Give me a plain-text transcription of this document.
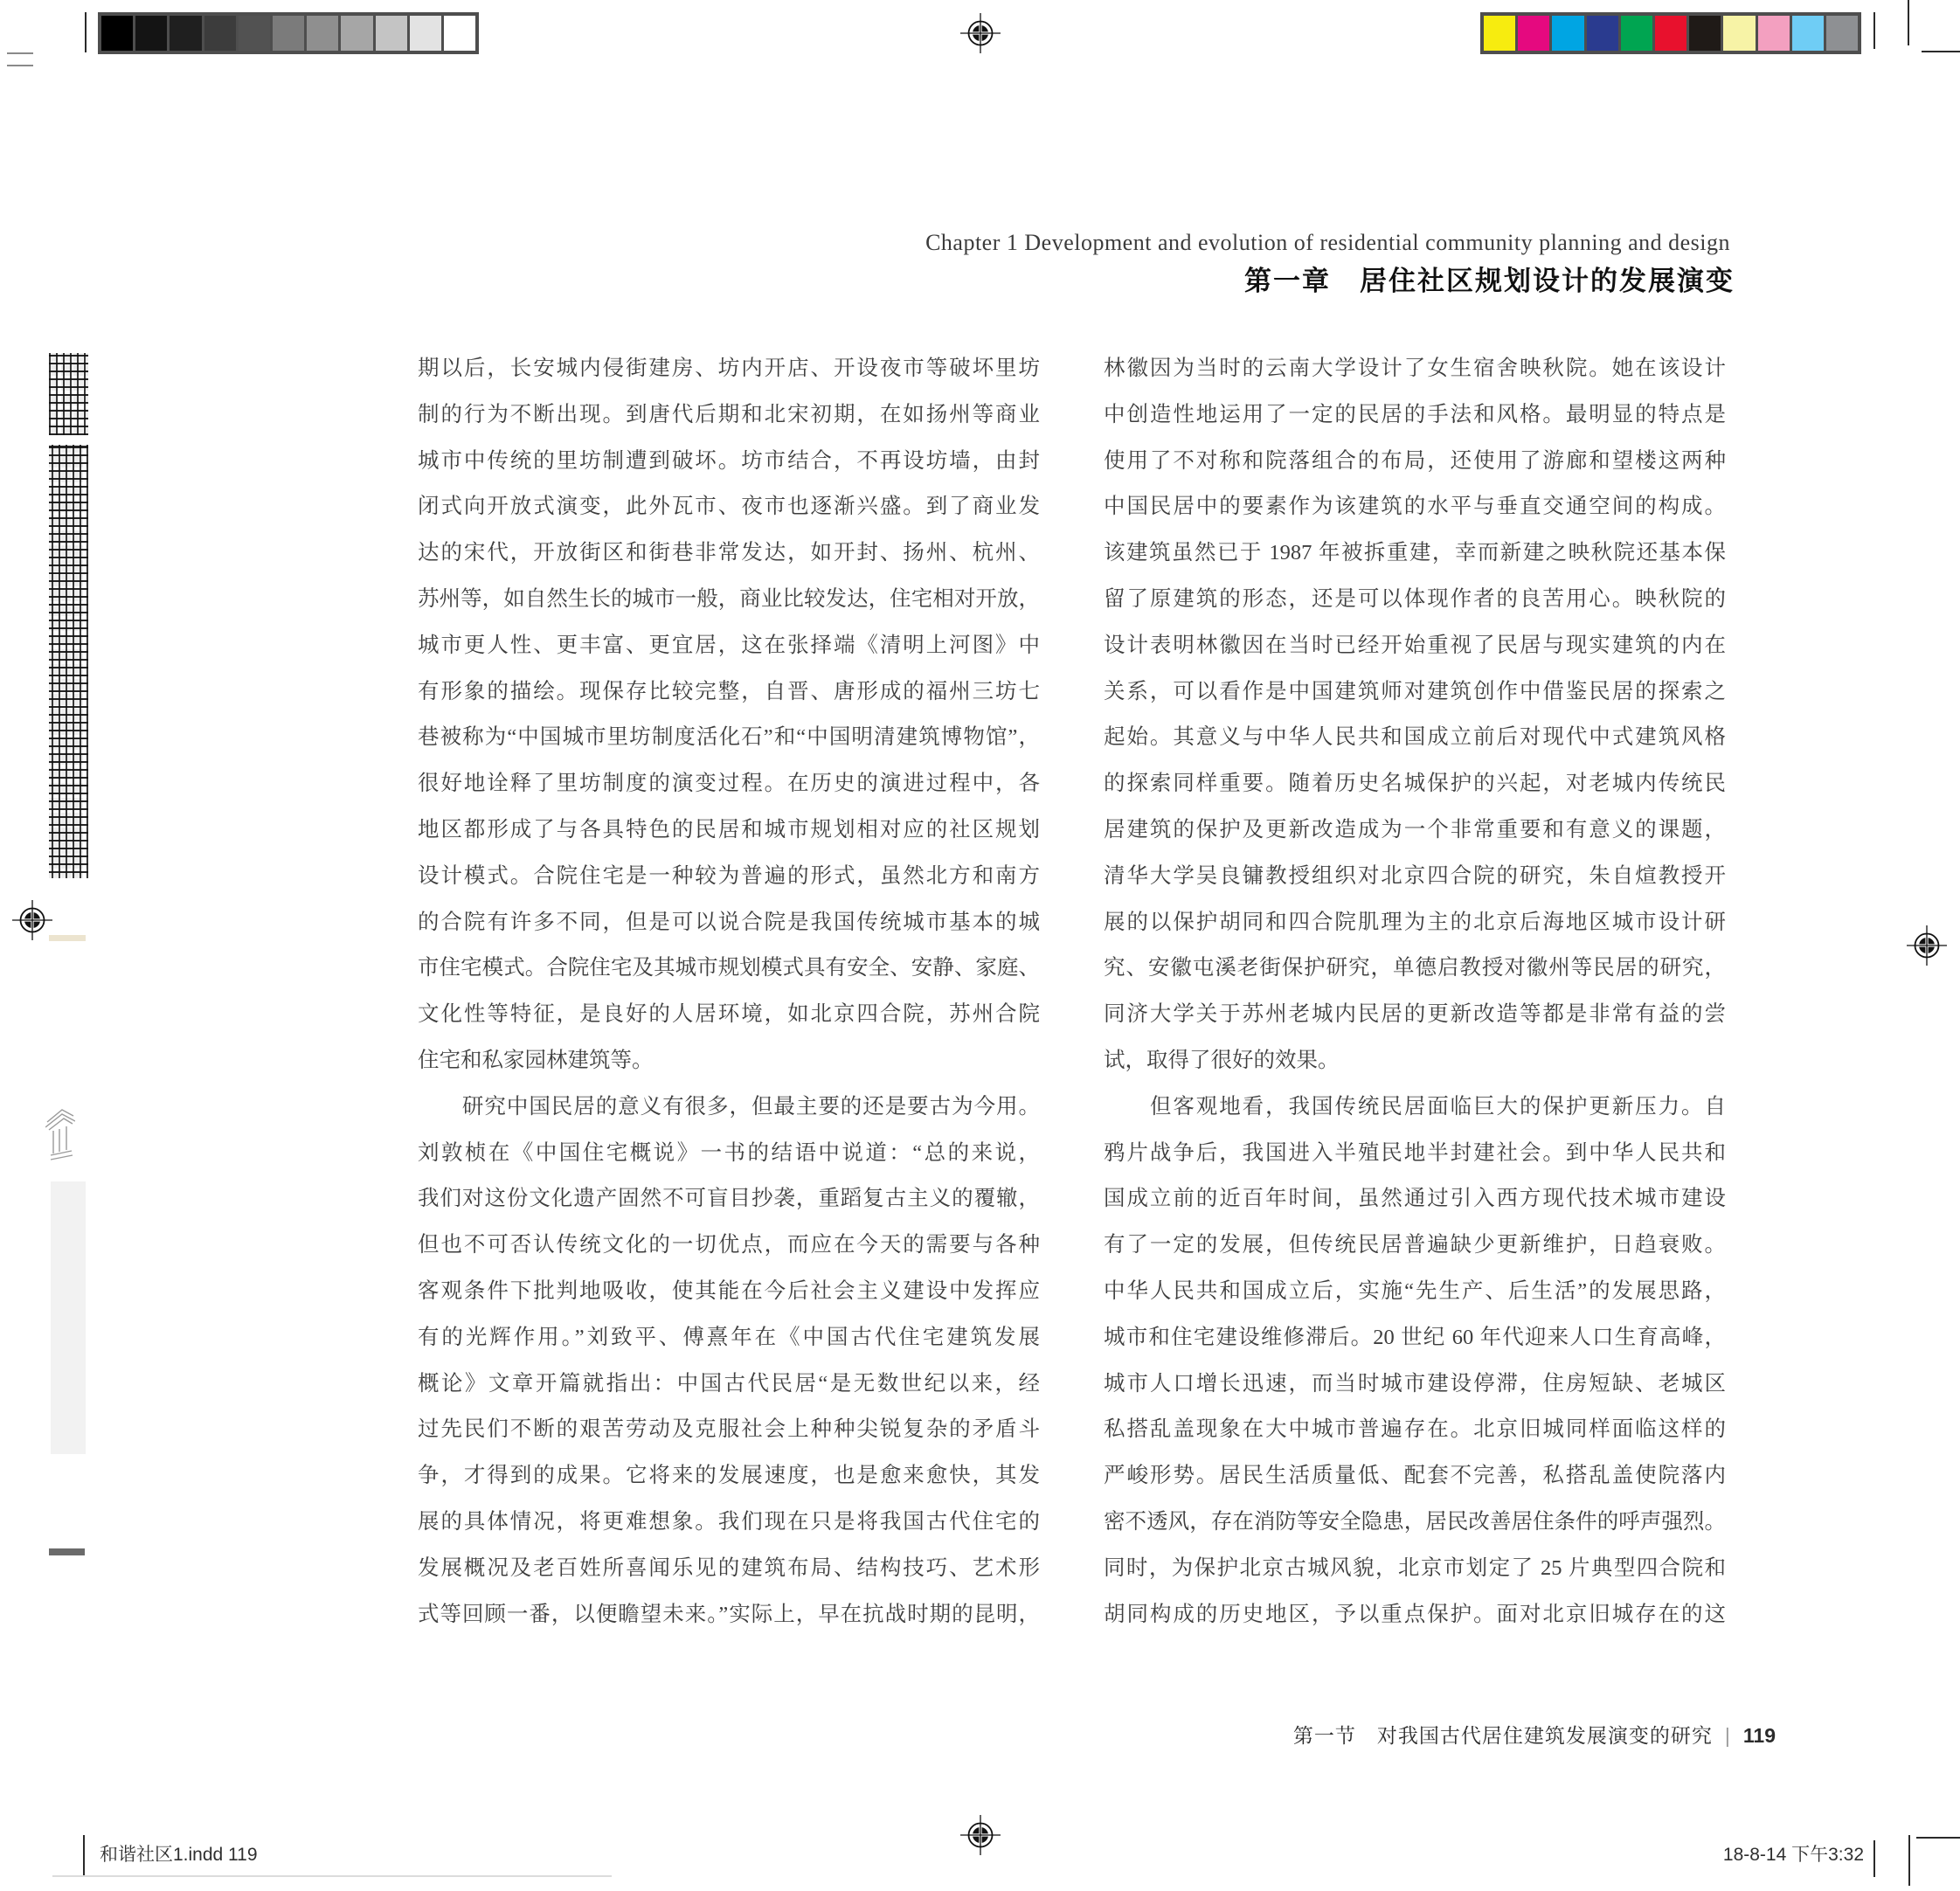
Chapter 1 Development and evolution of residential community planning and design
第一章　居住社区规划设计的发展演变
期以后，长安城内侵街建房、坊内开店、开设夜市等破坏里坊
制的行为不断出现。到唐代后期和北宋初期，在如扬州等商业
城市中传统的里坊制遭到破坏。坊市结合，不再设坊墙，由封
闭式向开放式演变，此外瓦市、夜市也逐渐兴盛。到了商业发
达的宋代，开放街区和街巷非常发达，如开封、扬州、杭州、
苏州等，如自然生长的城市一般，商业比较发达，住宅相对开放，
城市更人性、更丰富、更宜居，这在张择端《清明上河图》中
有形象的描绘。现保存比较完整，自晋、唐形成的福州三坊七
巷被称为“中国城市里坊制度活化石”和“中国明清建筑博物馆”，
很好地诠释了里坊制度的演变过程。在历史的演进过程中，各
地区都形成了与各具特色的民居和城市规划相对应的社区规划
设计模式。合院住宅是一种较为普遍的形式，虽然北方和南方
的合院有许多不同，但是可以说合院是我国传统城市基本的城
市住宅模式。合院住宅及其城市规划模式具有安全、安静、家庭、
文化性等特征，是良好的人居环境，如北京四合院，苏州合院
住宅和私家园林建筑等。
　　研究中国民居的意义有很多，但最主要的还是要古为今用。
刘敦桢在《中国住宅概说》一书的结语中说道：“总的来说，
我们对这份文化遗产固然不可盲目抄袭，重蹈复古主义的覆辙，
但也不可否认传统文化的一切优点，而应在今天的需要与各种
客观条件下批判地吸收，使其能在今后社会主义建设中发挥应
有的光辉作用。”刘致平、傅熹年在《中国古代住宅建筑发展
概论》文章开篇就指出：中国古代民居“是无数世纪以来，经
过先民们不断的艰苦劳动及克服社会上种种尖锐复杂的矛盾斗
争，才得到的成果。它将来的发展速度，也是愈来愈快，其发
展的具体情况，将更难想象。我们现在只是将我国古代住宅的
发展概况及老百姓所喜闻乐见的建筑布局、结构技巧、艺术形
式等回顾一番，以便瞻望未来。”实际上，早在抗战时期的昆明，
林徽因为当时的云南大学设计了女生宿舍映秋院。她在该设计
中创造性地运用了一定的民居的手法和风格。最明显的特点是
使用了不对称和院落组合的布局，还使用了游廊和望楼这两种
中国民居中的要素作为该建筑的水平与垂直交通空间的构成。
该建筑虽然已于 1987 年被拆重建，幸而新建之映秋院还基本保
留了原建筑的形态，还是可以体现作者的良苦用心。映秋院的
设计表明林徽因在当时已经开始重视了民居与现实建筑的内在
关系，可以看作是中国建筑师对建筑创作中借鉴民居的探索之
起始。其意义与中华人民共和国成立前后对现代中式建筑风格
的探索同样重要。随着历史名城保护的兴起，对老城内传统民
居建筑的保护及更新改造成为一个非常重要和有意义的课题，
清华大学吴良镛教授组织对北京四合院的研究，朱自煊教授开
展的以保护胡同和四合院肌理为主的北京后海地区城市设计研
究、安徽屯溪老街保护研究，单德启教授对徽州等民居的研究，
同济大学关于苏州老城内民居的更新改造等都是非常有益的尝
试，取得了很好的效果。
　　但客观地看，我国传统民居面临巨大的保护更新压力。自
鸦片战争后，我国进入半殖民地半封建社会。到中华人民共和
国成立前的近百年时间，虽然通过引入西方现代技术城市建设
有了一定的发展，但传统民居普遍缺少更新维护，日趋衰败。
中华人民共和国成立后，实施“先生产、后生活”的发展思路，
城市和住宅建设维修滞后。20 世纪 60 年代迎来人口生育高峰，
城市人口增长迅速，而当时城市建设停滞，住房短缺、老城区
私搭乱盖现象在大中城市普遍存在。北京旧城同样面临这样的
严峻形势。居民生活质量低、配套不完善，私搭乱盖使院落内
密不透风，存在消防等安全隐患，居民改善居住条件的呼声强烈。
同时，为保护北京古城风貌，北京市划定了 25 片典型四合院和
胡同构成的历史地区，予以重点保护。面对北京旧城存在的这
第一节　对我国古代居住建筑发展演变的研究 | 119
和谐社区1.indd 119	18-8-14 下午3:32
